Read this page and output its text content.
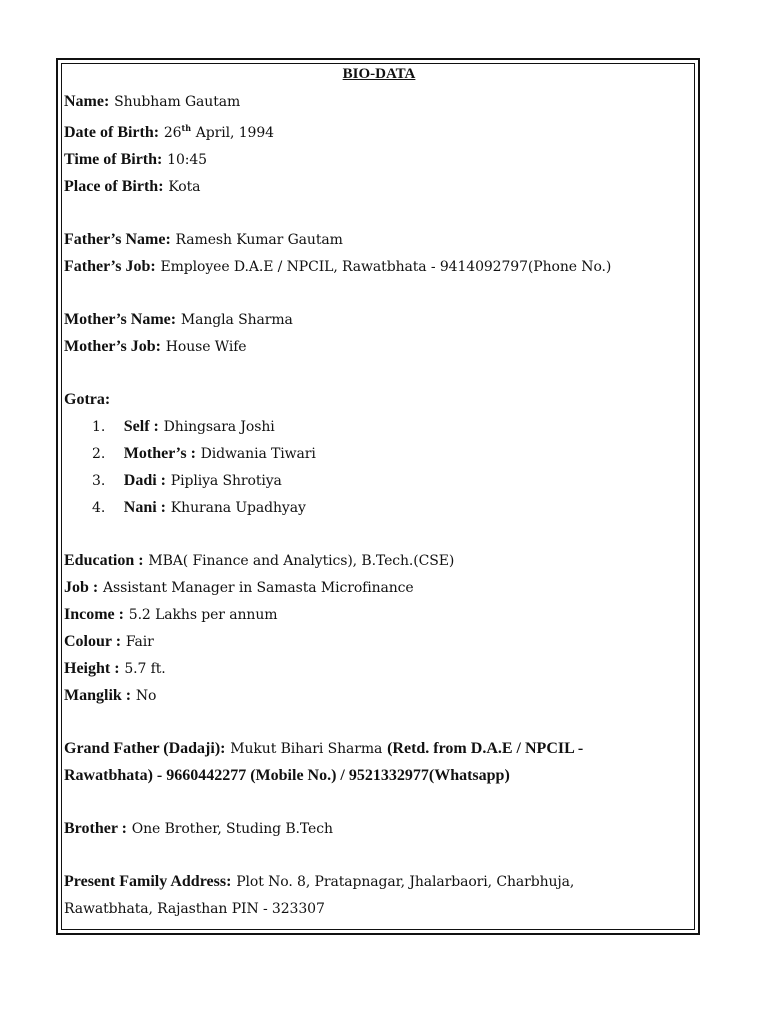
BIO-DATA
Name: Shubham Gautam
Date of Birth: 26th April, 1994
Time of Birth: 10:45
Place of Birth: Kota
Father’s Name: Ramesh Kumar Gautam
Father’s Job: Employee D.A.E / NPCIL, Rawatbhata - 9414092797(Phone No.)
Mother’s Name: Mangla Sharma
Mother’s Job: House Wife
Gotra:
1. Self : Dhingsara Joshi
2. Mother’s : Didwania Tiwari
3. Dadi : Pipliya Shrotiya
4. Nani : Khurana Upadhyay
Education : MBA( Finance and Analytics), B.Tech.(CSE)
Job : Assistant Manager in Samasta Microfinance
Income : 5.2 Lakhs per annum
Colour : Fair
Height : 5.7 ft.
Manglik : No
Grand Father (Dadaji): Mukut Bihari Sharma (Retd. from D.A.E / NPCIL -
Rawatbhata) - 9660442277 (Mobile No.) / 9521332977(Whatsapp)
Brother : One Brother, Studing B.Tech
Present Family Address: Plot No. 8, Pratapnagar, Jhalarbaori, Charbhuja,
Rawatbhata, Rajasthan PIN - 323307
